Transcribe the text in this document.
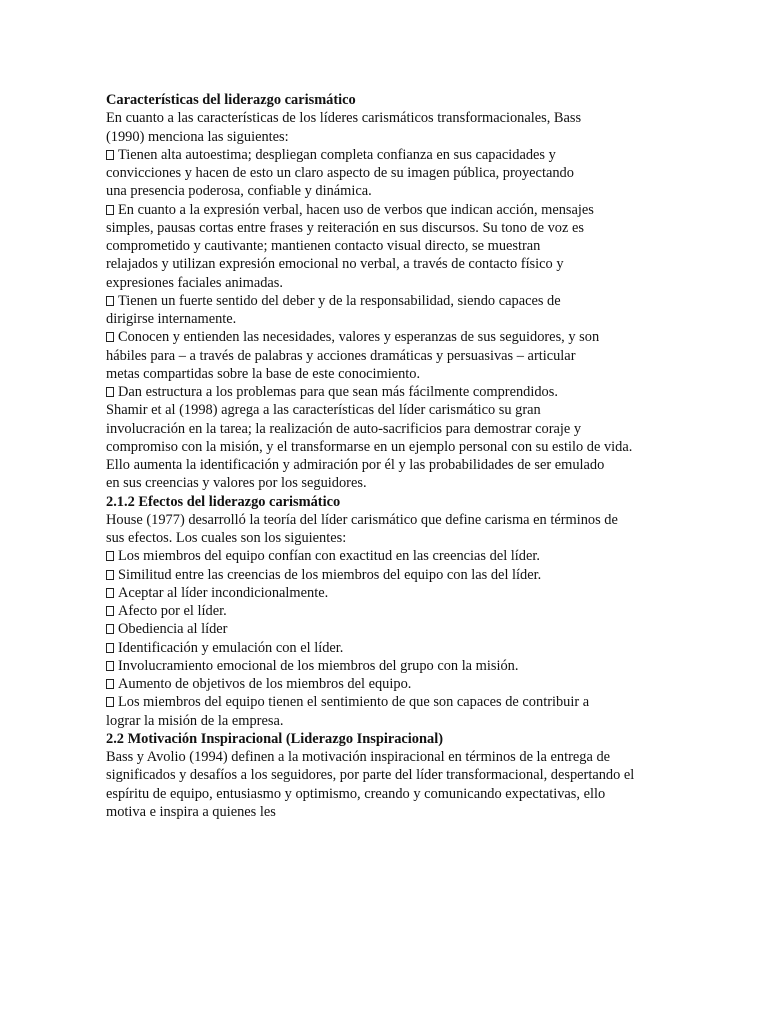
Características del liderazgo carismático
En cuanto a las características de los líderes carismáticos transformacionales, Bass
(1990) menciona las siguientes:
Tienen alta autoestima; despliegan completa confianza en sus capacidades y
convicciones y hacen de esto un claro aspecto de su imagen pública, proyectando
una presencia poderosa, confiable y dinámica.
En cuanto a la expresión verbal, hacen uso de verbos que indican acción, mensajes
simples, pausas cortas entre frases y reiteración en sus discursos. Su tono de voz es
comprometido y cautivante; mantienen contacto visual directo, se muestran
relajados y utilizan expresión emocional no verbal, a través de contacto físico y
expresiones faciales animadas.
Tienen un fuerte sentido del deber y de la responsabilidad, siendo capaces de
dirigirse internamente.
Conocen y entienden las necesidades, valores y esperanzas de sus seguidores, y son
hábiles para – a través de palabras y acciones dramáticas y persuasivas – articular
metas compartidas sobre la base de este conocimiento.
Dan estructura a los problemas para que sean más fácilmente comprendidos.
Shamir et al (1998) agrega a las características del líder carismático su gran
involucración en la tarea; la realización de auto-sacrificios para demostrar coraje y
compromiso con la misión, y el transformarse en un ejemplo personal con su estilo de vida.
Ello aumenta la identificación y admiración por él y las probabilidades de ser emulado
en sus creencias y valores por los seguidores.
2.1.2 Efectos del liderazgo carismático
House (1977) desarrolló la teoría del líder carismático que define carisma en términos de
sus efectos. Los cuales son los siguientes:
Los miembros del equipo confían con exactitud en las creencias del líder.
Similitud entre las creencias de los miembros del equipo con las del líder.
Aceptar al líder incondicionalmente.
Afecto por el líder.
Obediencia al líder
Identificación y emulación con el líder.
Involucramiento emocional de los miembros del grupo con la misión.
Aumento de objetivos de los miembros del equipo.
Los miembros del equipo tienen el sentimiento de que son capaces de contribuir a
lograr la misión de la empresa.
2.2 Motivación Inspiracional (Liderazgo Inspiracional)
Bass y Avolio (1994) definen a la motivación inspiracional en términos de la entrega de
significados y desafíos a los seguidores, por parte del líder transformacional, despertando el
espíritu de equipo, entusiasmo y optimismo, creando y comunicando expectativas, ello
motiva e inspira a quienes les
